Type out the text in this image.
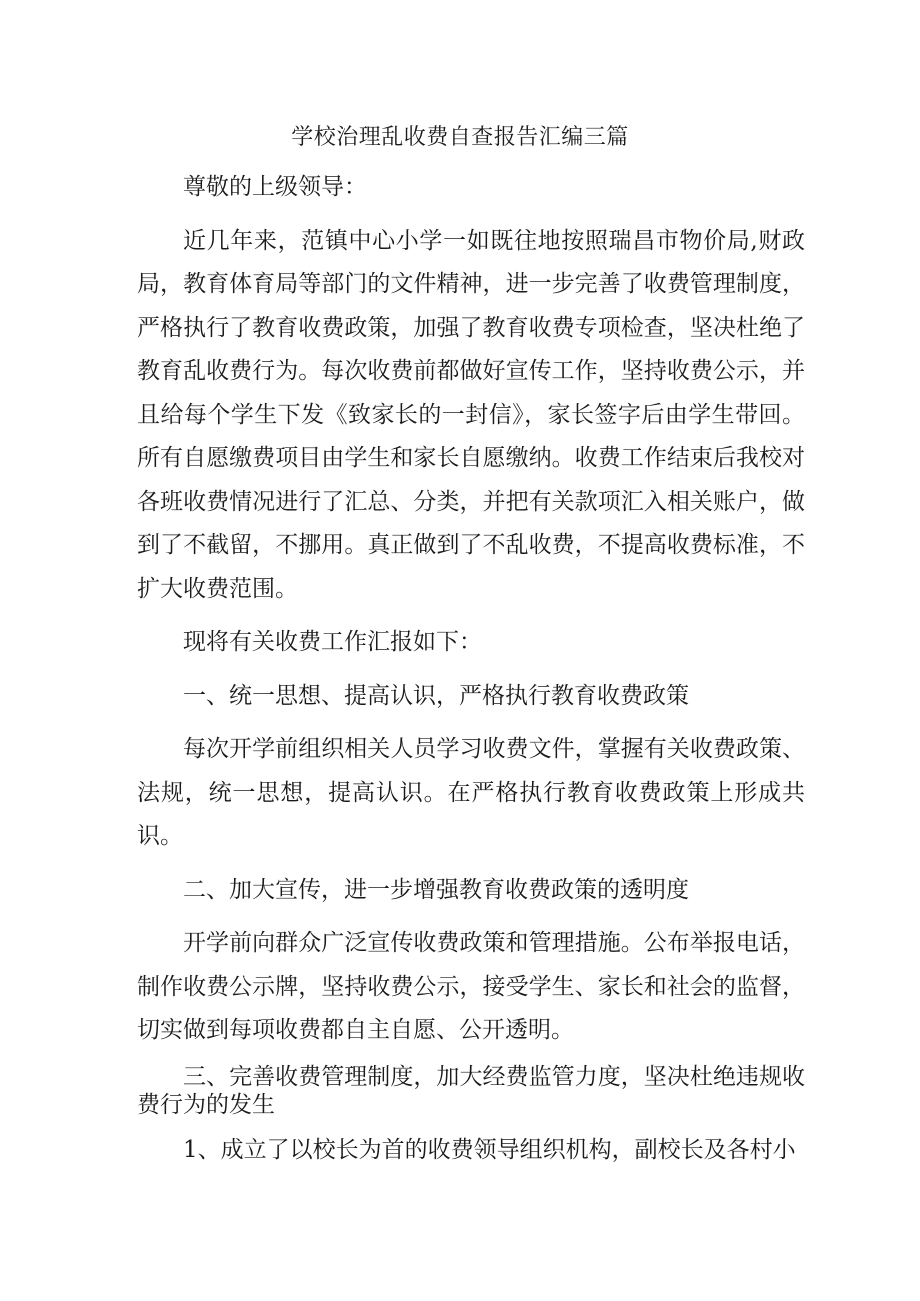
学校治理乱收费自查报告汇编三篇

尊敬的上级领导：

近几年来，范镇中心小学一如既往地按照瑞昌市物价局,财政局，教育体育局等部门的文件精神，进一步完善了收费管理制度，严格执行了教育收费政策，加强了教育收费专项检查，坚决杜绝了教育乱收费行为。每次收费前都做好宣传工作，坚持收费公示，并且给每个学生下发《致家长的一封信》，家长签字后由学生带回。所有自愿缴费项目由学生和家长自愿缴纳。收费工作结束后我校对各班收费情况进行了汇总、分类，并把有关款项汇入相关账户，做到了不截留，不挪用。真正做到了不乱收费，不提高收费标准，不扩大收费范围。

现将有关收费工作汇报如下：

一、统一思想、提高认识，严格执行教育收费政策

每次开学前组织相关人员学习收费文件，掌握有关收费政策、法规，统一思想，提高认识。在严格执行教育收费政策上形成共识。

二、加大宣传，进一步增强教育收费政策的透明度

开学前向群众广泛宣传收费政策和管理措施。公布举报电话，制作收费公示牌，坚持收费公示，接受学生、家长和社会的监督，切实做到每项收费都自主自愿、公开透明。

三、完善收费管理制度，加大经费监管力度，坚决杜绝违规收费行为的发生

1、成立了以校长为首的收费领导组织机构，副校长及各村小
